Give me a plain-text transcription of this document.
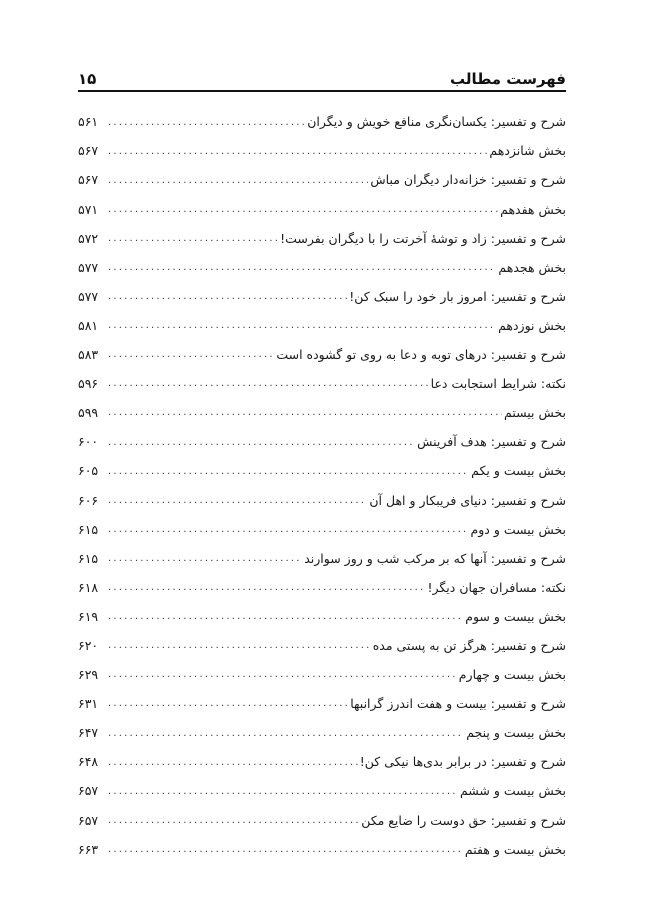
فهرست مطالب
۱۵
شرح و تفسیر: یکسان‌نگری منافع خویش و دیگران
.....
۵۶۱
بخش شانزدهم
.....
۵۶۷
شرح و تفسیر: خزانه‌دار دیگران مباش
.....
۵۶۷
بخش هفدهم
.....
۵۷۱
شرح و تفسیر: زاد و توشهٔ آخرتت را با دیگران بفرست!
.....
۵۷۲
بخش هجدهم
.....
۵۷۷
شرح و تفسیر: امروز بار خود را سبک کن!
.....
۵۷۷
بخش نوزدهم
.....
۵۸۱
شرح و تفسیر: درهای توبه و دعا به روی تو گشوده است
.....
۵۸۳
نکته: شرایط استجابت دعا
.....
۵۹۶
بخش بیستم
.....
۵۹۹
شرح و تفسیر: هدف آفرینش
.....
۶۰۰
بخش بیست و یکم
.....
۶۰۵
شرح و تفسیر: دنیای فریبکار و اهل آن
.....
۶۰۶
بخش بیست و دوم
.....
۶۱۵
شرح و تفسیر: آنها که بر مرکب شب و روز سوارند
.....
۶۱۵
نکته: مسافران جهان دیگر!
.....
۶۱۸
بخش بیست و سوم
.....
۶۱۹
شرح و تفسیر: هرگز تن به پستی مده
.....
۶۲۰
بخش بیست و چهارم
.....
۶۲۹
شرح و تفسیر: بیست و هفت اندرز گرانبها
.....
۶۳۱
بخش بیست و پنجم
.....
۶۴۷
شرح و تفسیر: در برابر بدی‌ها نیکی کن!
.....
۶۴۸
بخش بیست و ششم
.....
۶۵۷
شرح و تفسیر: حق دوست را ضایع مکن
.....
۶۵۷
بخش بیست و هفتم
.....
۶۶۳
